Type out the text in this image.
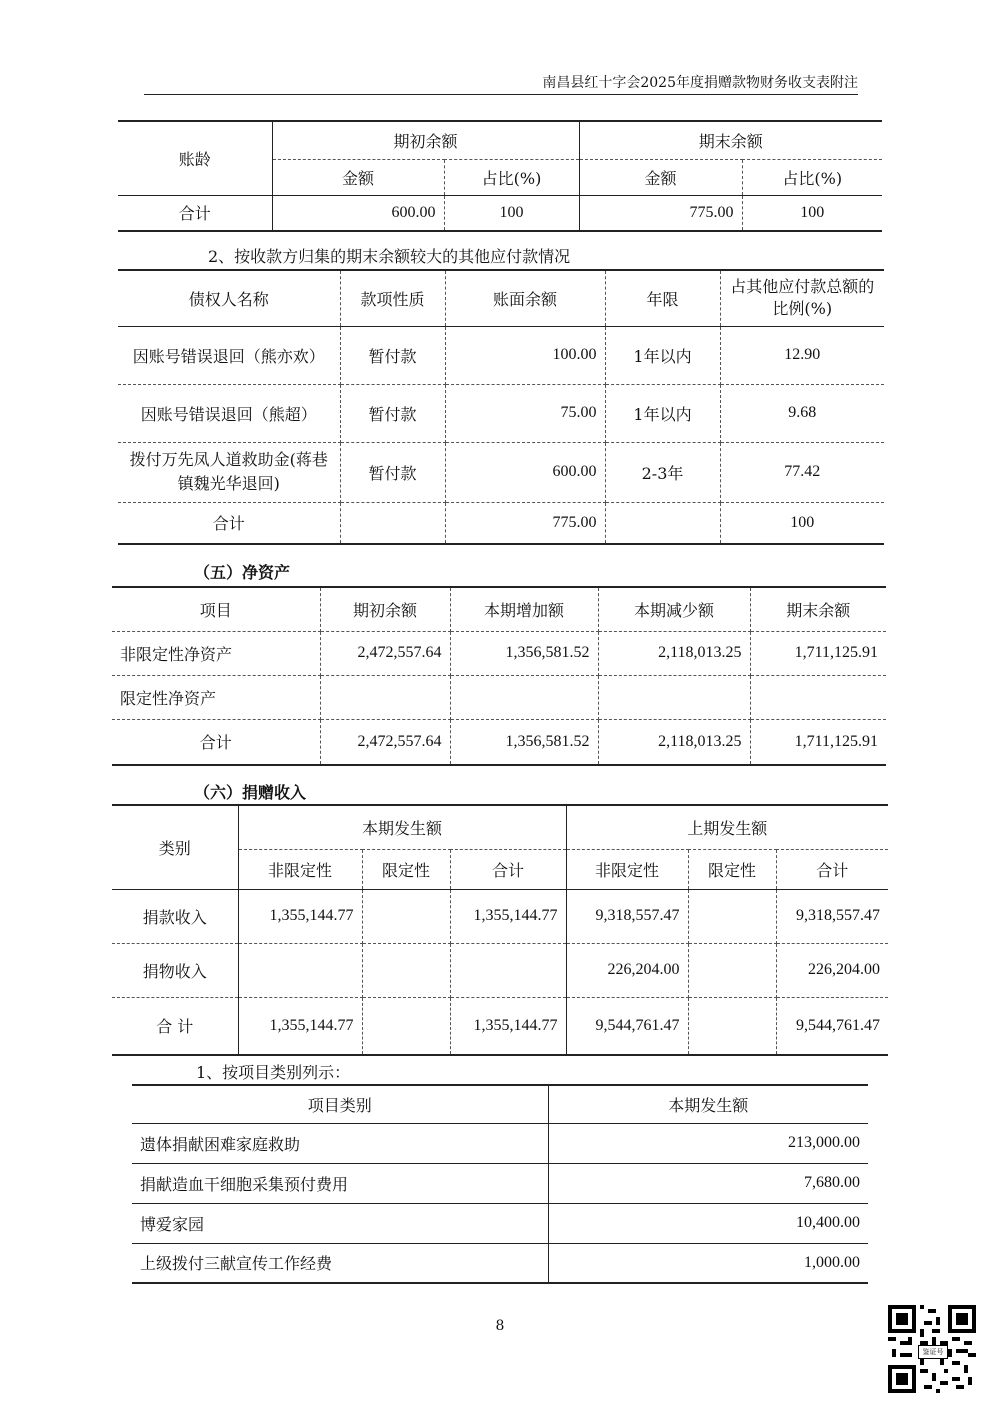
南昌县红十字会2025年度捐赠款物财务收支表附注
账龄	期初余额		期末余额	
	金额	占比(%)	金额	占比(%)
合计	600.00	100	775.00	100
2、按收款方归集的期末余额较大的其他应付款情况
债权人名称	款项性质	账面余额	年限	占其他应付款总额的比例(%)
因账号错误退回（熊亦欢）	暂付款	100.00	1年以内	12.90
因账号错误退回（熊超）	暂付款	75.00	1年以内	9.68
拨付万先凤人道救助金(蒋巷镇魏光华退回)	暂付款	600.00	2-3年	77.42
合计		775.00		100
（五）净资产
项目	期初余额	本期增加额	本期减少额	期末余额
非限定性净资产	2,472,557.64	1,356,581.52	2,118,013.25	1,711,125.91
限定性净资产				
合计	2,472,557.64	1,356,581.52	2,118,013.25	1,711,125.91
（六）捐赠收入
类别	本期发生额			上期发生额		
	非限定性	限定性	合计	非限定性	限定性	合计
捐款收入	1,355,144.77		1,355,144.77	9,318,557.47		9,318,557.47
捐物收入				226,204.00		226,204.00
合 计	1,355,144.77		1,355,144.77	9,544,761.47		9,544,761.47
1、按项目类别列示：
项目类别	本期发生额
遗体捐献困难家庭救助	213,000.00
捐献造血干细胞采集预付费用	7,680.00
博爱家园	10,400.00
上级拨付三献宣传工作经费	1,000.00
8
鉴证号
